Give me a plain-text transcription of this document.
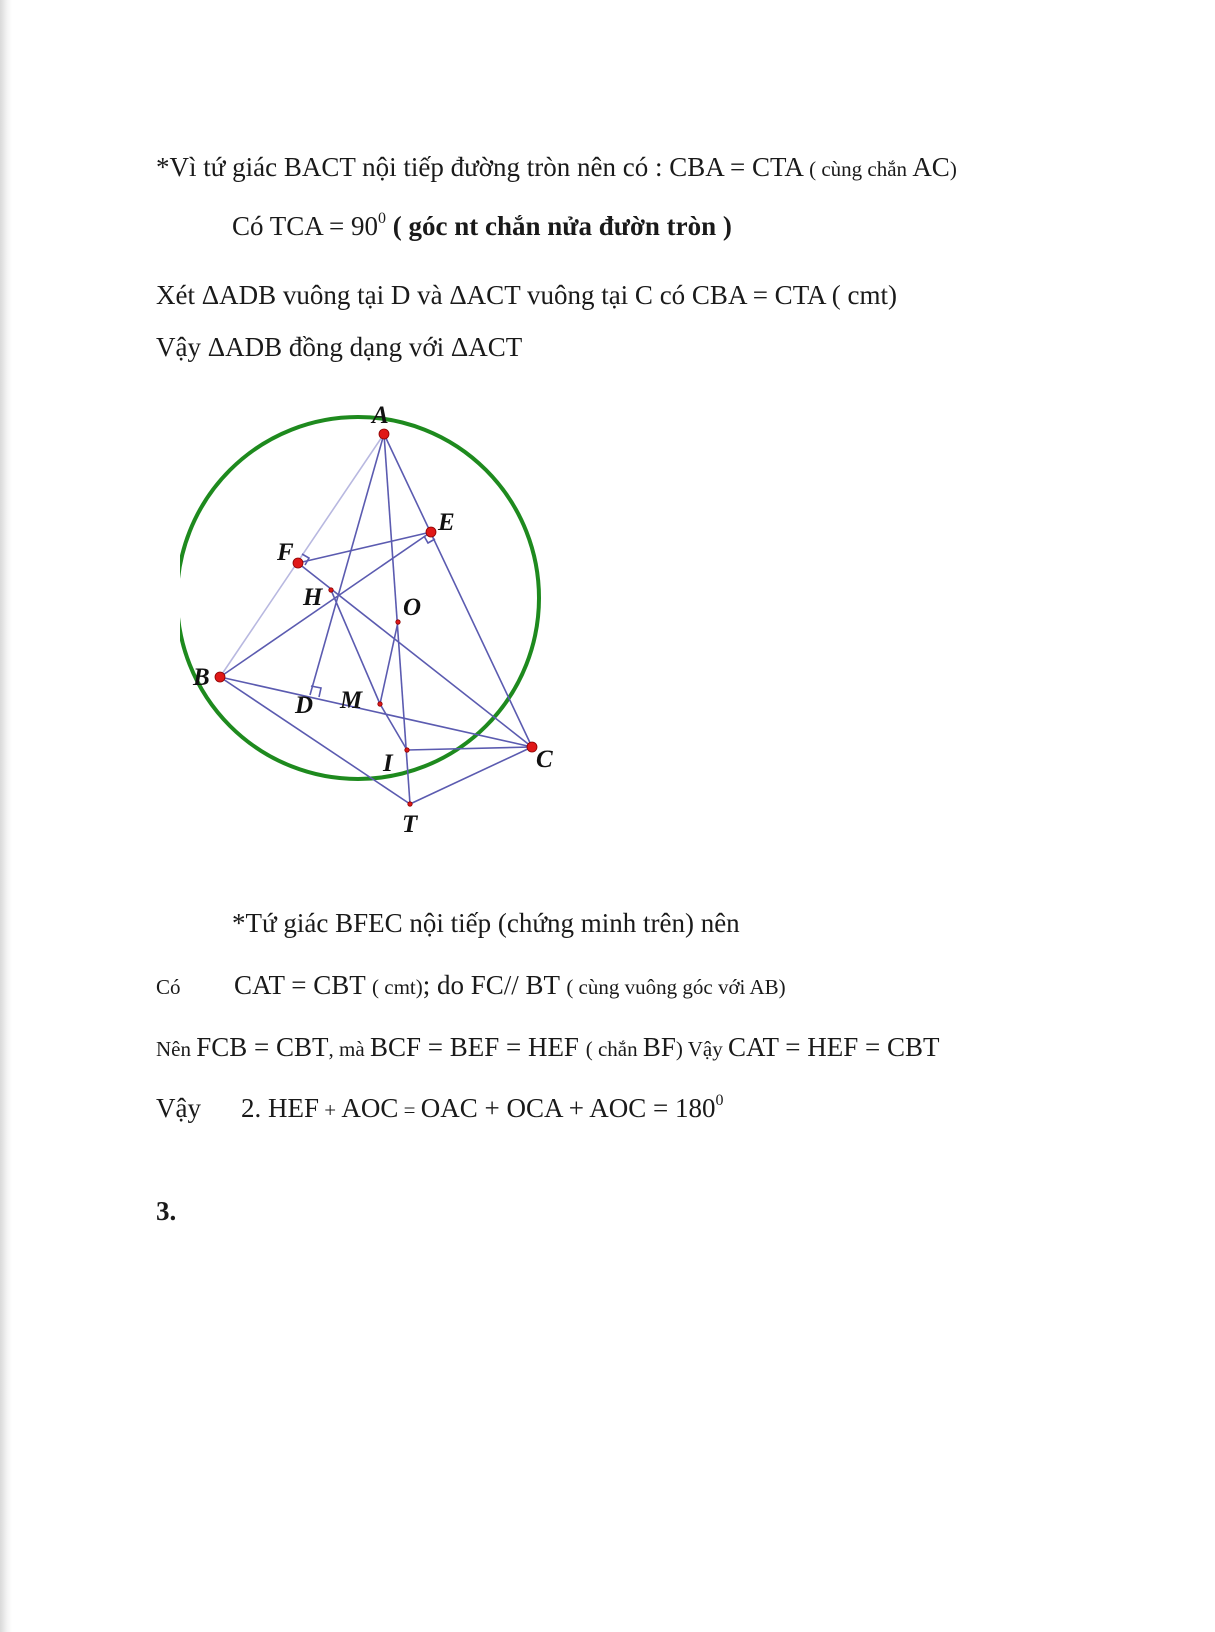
*Vì tứ giác BACT nội tiếp đường tròn nên có : CBA = CTA ( cùng chắn AC)
Có TCA = $90^0$ ( góc nt chắn nửa đườn tròn )
Xét ΔADB vuông tại D và ΔACT vuông tại C có CBA = CTA ( cmt)
Vậy ΔADB đồng dạng với ΔACT
A
E
F
H	O
B
D M
I	C
T
*Tứ giác BFEC nội tiếp (chứng minh trên) nên
Có CAT = CBT ( cmt); do FC// BT ( cùng vuông góc với AB)
Nên FCB = CBT, mà BCF = BEF = HEF ( chắn BF) Vậy CAT = HEF = CBT
Vậy 2. HEF + AOC = OAC + OCA + AOC = $180^0$
3.
